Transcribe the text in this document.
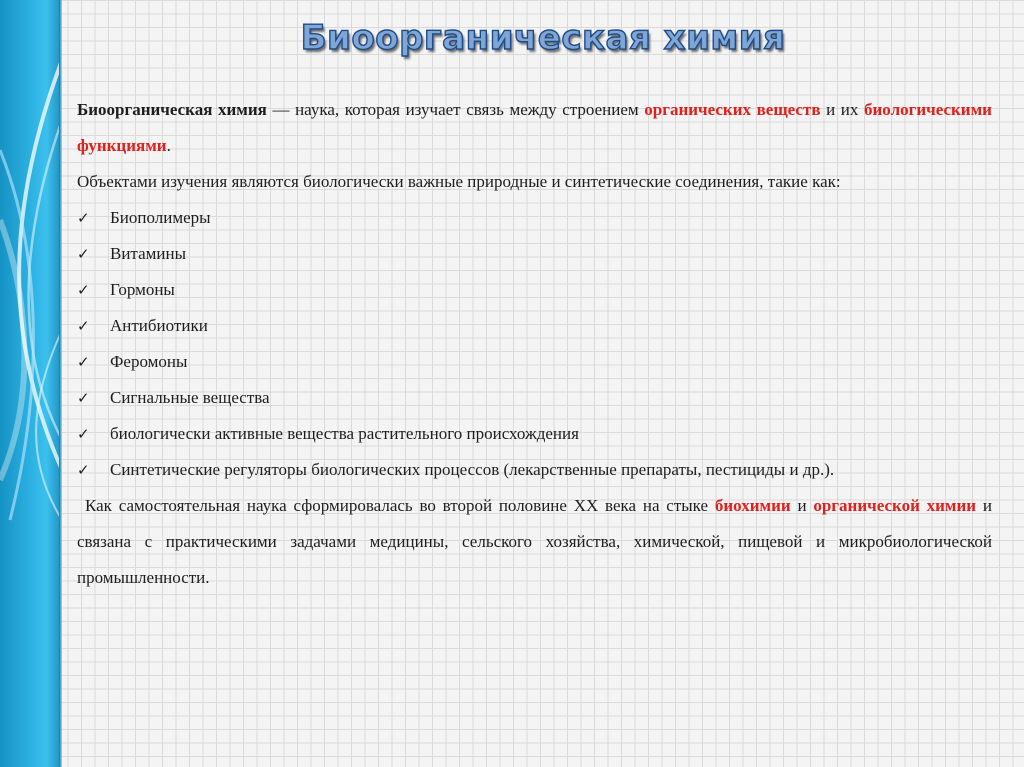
Биоорганическая химия

Биоорганическая химия — наука, которая изучает связь между строением органических веществ и их биологическими функциями.

Объектами изучения являются биологически важные природные и синтетические соединения, такие как:

✓ Биополимеры
✓ Витамины
✓ Гормоны
✓ Антибиотики
✓ Феромоны
✓ Сигнальные вещества
✓ биологически активные вещества растительного происхождения
✓ Синтетические регуляторы биологических процессов (лекарственные препараты, пестициды и др.).

Как самостоятельная наука сформировалась во второй половине XX века на стыке биохимии и органической химии и связана с практическими задачами медицины, сельского хозяйства, химической, пищевой и микробиологической промышленности.
